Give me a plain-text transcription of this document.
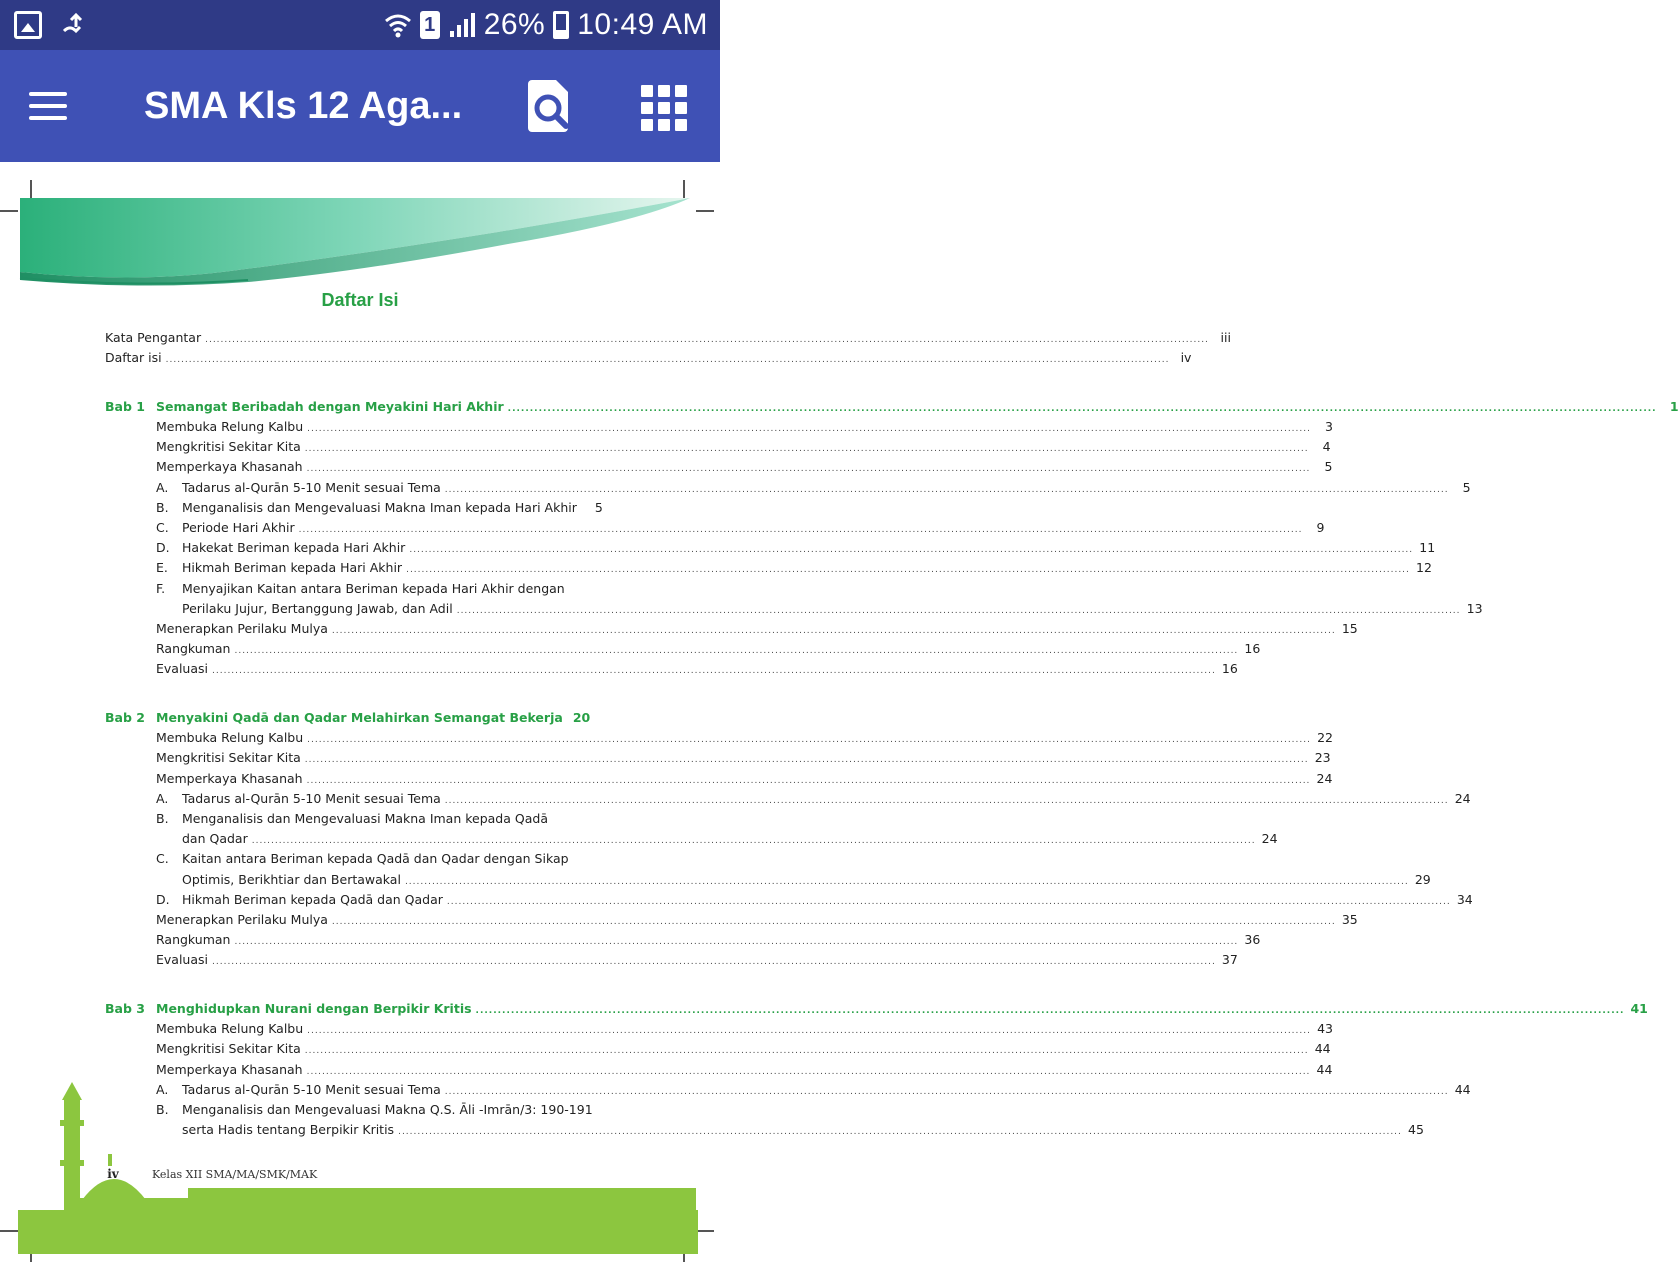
1 26% 10:49 AM
SMA Kls 12 Aga...
Daftar Isi
Kata Pengantar .................................................................................................................................................................................................................................................................... iii
Daftar isi .................................................................................................................................................................................................................................................................... iv
Bab 1 Semangat Beribadah dengan Meyakini Hari Akhir ....................................................................................................................................................................................................................................................................	1
Membuka Relung Kalbu ....................................................................................................................................................................................................................................................................	3
Mengkritisi Sekitar Kita ....................................................................................................................................................................................................................................................................	4
Memperkaya Khasanah ....................................................................................................................................................................................................................................................................	5
A. Tadarus al-Qurān 5-10 Menit sesuai Tema ....................................................................................................................................................................................................................................................................	5
B. Menganalisis dan Mengevaluasi Makna Iman kepada Hari Akhir	5
C. Periode Hari Akhir ....................................................................................................................................................................................................................................................................	9
D. Hakekat Beriman kepada Hari Akhir .................................................................................................................................................................................................................................................................... 11
E. Hikmah Beriman kepada Hari Akhir .................................................................................................................................................................................................................................................................... 12
F. Menyajikan Kaitan antara Beriman kepada Hari Akhir dengan
Perilaku Jujur, Bertanggung Jawab, dan Adil .................................................................................................................................................................................................................................................................... 13
Menerapkan Perilaku Mulya .................................................................................................................................................................................................................................................................... 15
Rangkuman .................................................................................................................................................................................................................................................................... 16
Evaluasi .................................................................................................................................................................................................................................................................... 16
Bab 2 Menyakini Qadā dan Qadar Melahirkan Semangat Bekerja 20
Membuka Relung Kalbu .................................................................................................................................................................................................................................................................... 22
Mengkritisi Sekitar Kita .................................................................................................................................................................................................................................................................... 23
Memperkaya Khasanah .................................................................................................................................................................................................................................................................... 24
A. Tadarus al-Qurān 5-10 Menit sesuai Tema .................................................................................................................................................................................................................................................................... 24
B. Menganalisis dan Mengevaluasi Makna Iman kepada Qadā
dan Qadar .................................................................................................................................................................................................................................................................... 24
C. Kaitan antara Beriman kepada Qadā dan Qadar dengan Sikap
Optimis, Berikhtiar dan Bertawakal .................................................................................................................................................................................................................................................................... 29
D. Hikmah Beriman kepada Qadā dan Qadar .................................................................................................................................................................................................................................................................... 34
Menerapkan Perilaku Mulya .................................................................................................................................................................................................................................................................... 35
Rangkuman .................................................................................................................................................................................................................................................................... 36
Evaluasi .................................................................................................................................................................................................................................................................... 37
Bab 3 Menghidupkan Nurani dengan Berpikir Kritis .................................................................................................................................................................................................................................................................... 41
Membuka Relung Kalbu .................................................................................................................................................................................................................................................................... 43
Mengkritisi Sekitar Kita .................................................................................................................................................................................................................................................................... 44
Memperkaya Khasanah .................................................................................................................................................................................................................................................................... 44
A. Tadarus al-Qurān 5-10 Menit sesuai Tema .................................................................................................................................................................................................................................................................... 44
B. Menganalisis dan Mengevaluasi Makna Q.S. Āli -Imrān/3: 190-191
serta Hadis tentang Berpikir Kritis .................................................................................................................................................................................................................................................................... 45
iv	Kelas XII SMA/MA/SMK/MAK
